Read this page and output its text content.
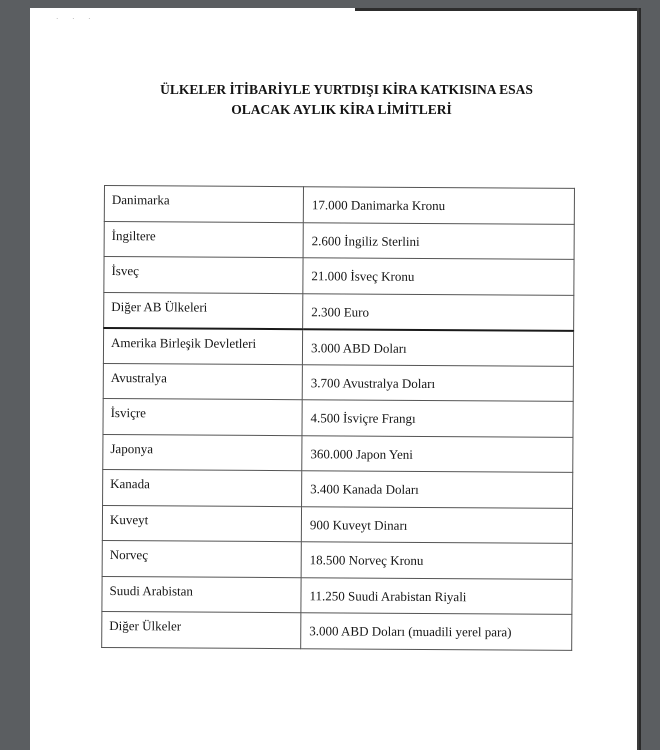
· · ·
ÜLKELER İTİBARİYLE YURTDIŞI KİRA KATKISINA ESAS
OLACAK AYLIK KİRA LİMİTLERİ
Danimarka	17.000 Danimarka Kronu
İngiltere	2.600 İngiliz Sterlini
İsveç	21.000 İsveç Kronu
Diğer AB Ülkeleri	2.300 Euro
Amerika Birleşik Devletleri	3.000 ABD Doları
Avustralya	3.700 Avustralya Doları
İsviçre	4.500 İsviçre Frangı
Japonya	360.000 Japon Yeni
Kanada	3.400 Kanada Doları
Kuveyt	900 Kuveyt Dinarı
Norveç	18.500 Norveç Kronu
Suudi Arabistan	11.250 Suudi Arabistan Riyali
Diğer Ülkeler	3.000 ABD Doları (muadili yerel para)
